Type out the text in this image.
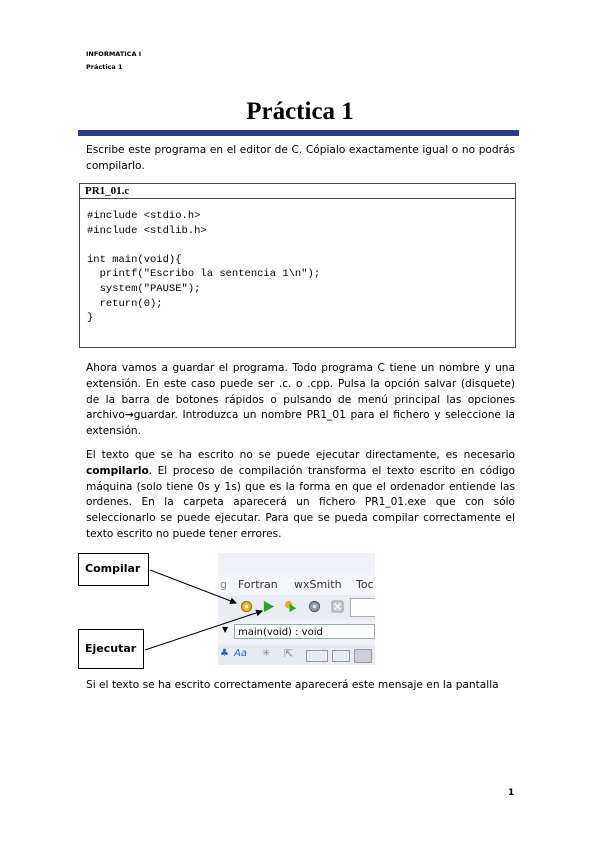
INFORMATICA I
Práctica 1
Práctica 1
Escribe este programa en el editor de C. Cópialo exactamente igual o no podrás compilarlo.
PR1_01.c
#include <stdio.h>
#include <stdlib.h>

int main(void){
printf("Escribo la sentencia 1\n");
system("PAUSE");
return(0);
}
Ahora vamos a guardar el programa. Todo programa C tiene un nombre y una extensión. En este caso puede ser .c. o .cpp. Pulsa la opción salvar (disquete) de la barra de botones rápidos o pulsando de menú principal las opciones archivo→guardar. Introduzca un nombre PR1_01 para el fichero y seleccione la extensión.
El texto que se ha escrito no se puede ejecutar directamente, es necesario compilarlo. El proceso de compilación transforma el texto escrito en código máquina (solo tiene 0s y 1s) que es la forma en que el ordenador entiende las ordenes. En la carpeta aparecerá un fichero PR1_01.exe que con sólo seleccionarlo se puede ejecutar. Para que se pueda compilar correctamente el texto escrito no puede tener errores.
g Fortran wxSmith Toc
▼ main(void) : void
♣ Aa ✳ ⇱
Compilar
Ejecutar
Si el texto se ha escrito correctamente aparecerá este mensaje en la pantalla
1
